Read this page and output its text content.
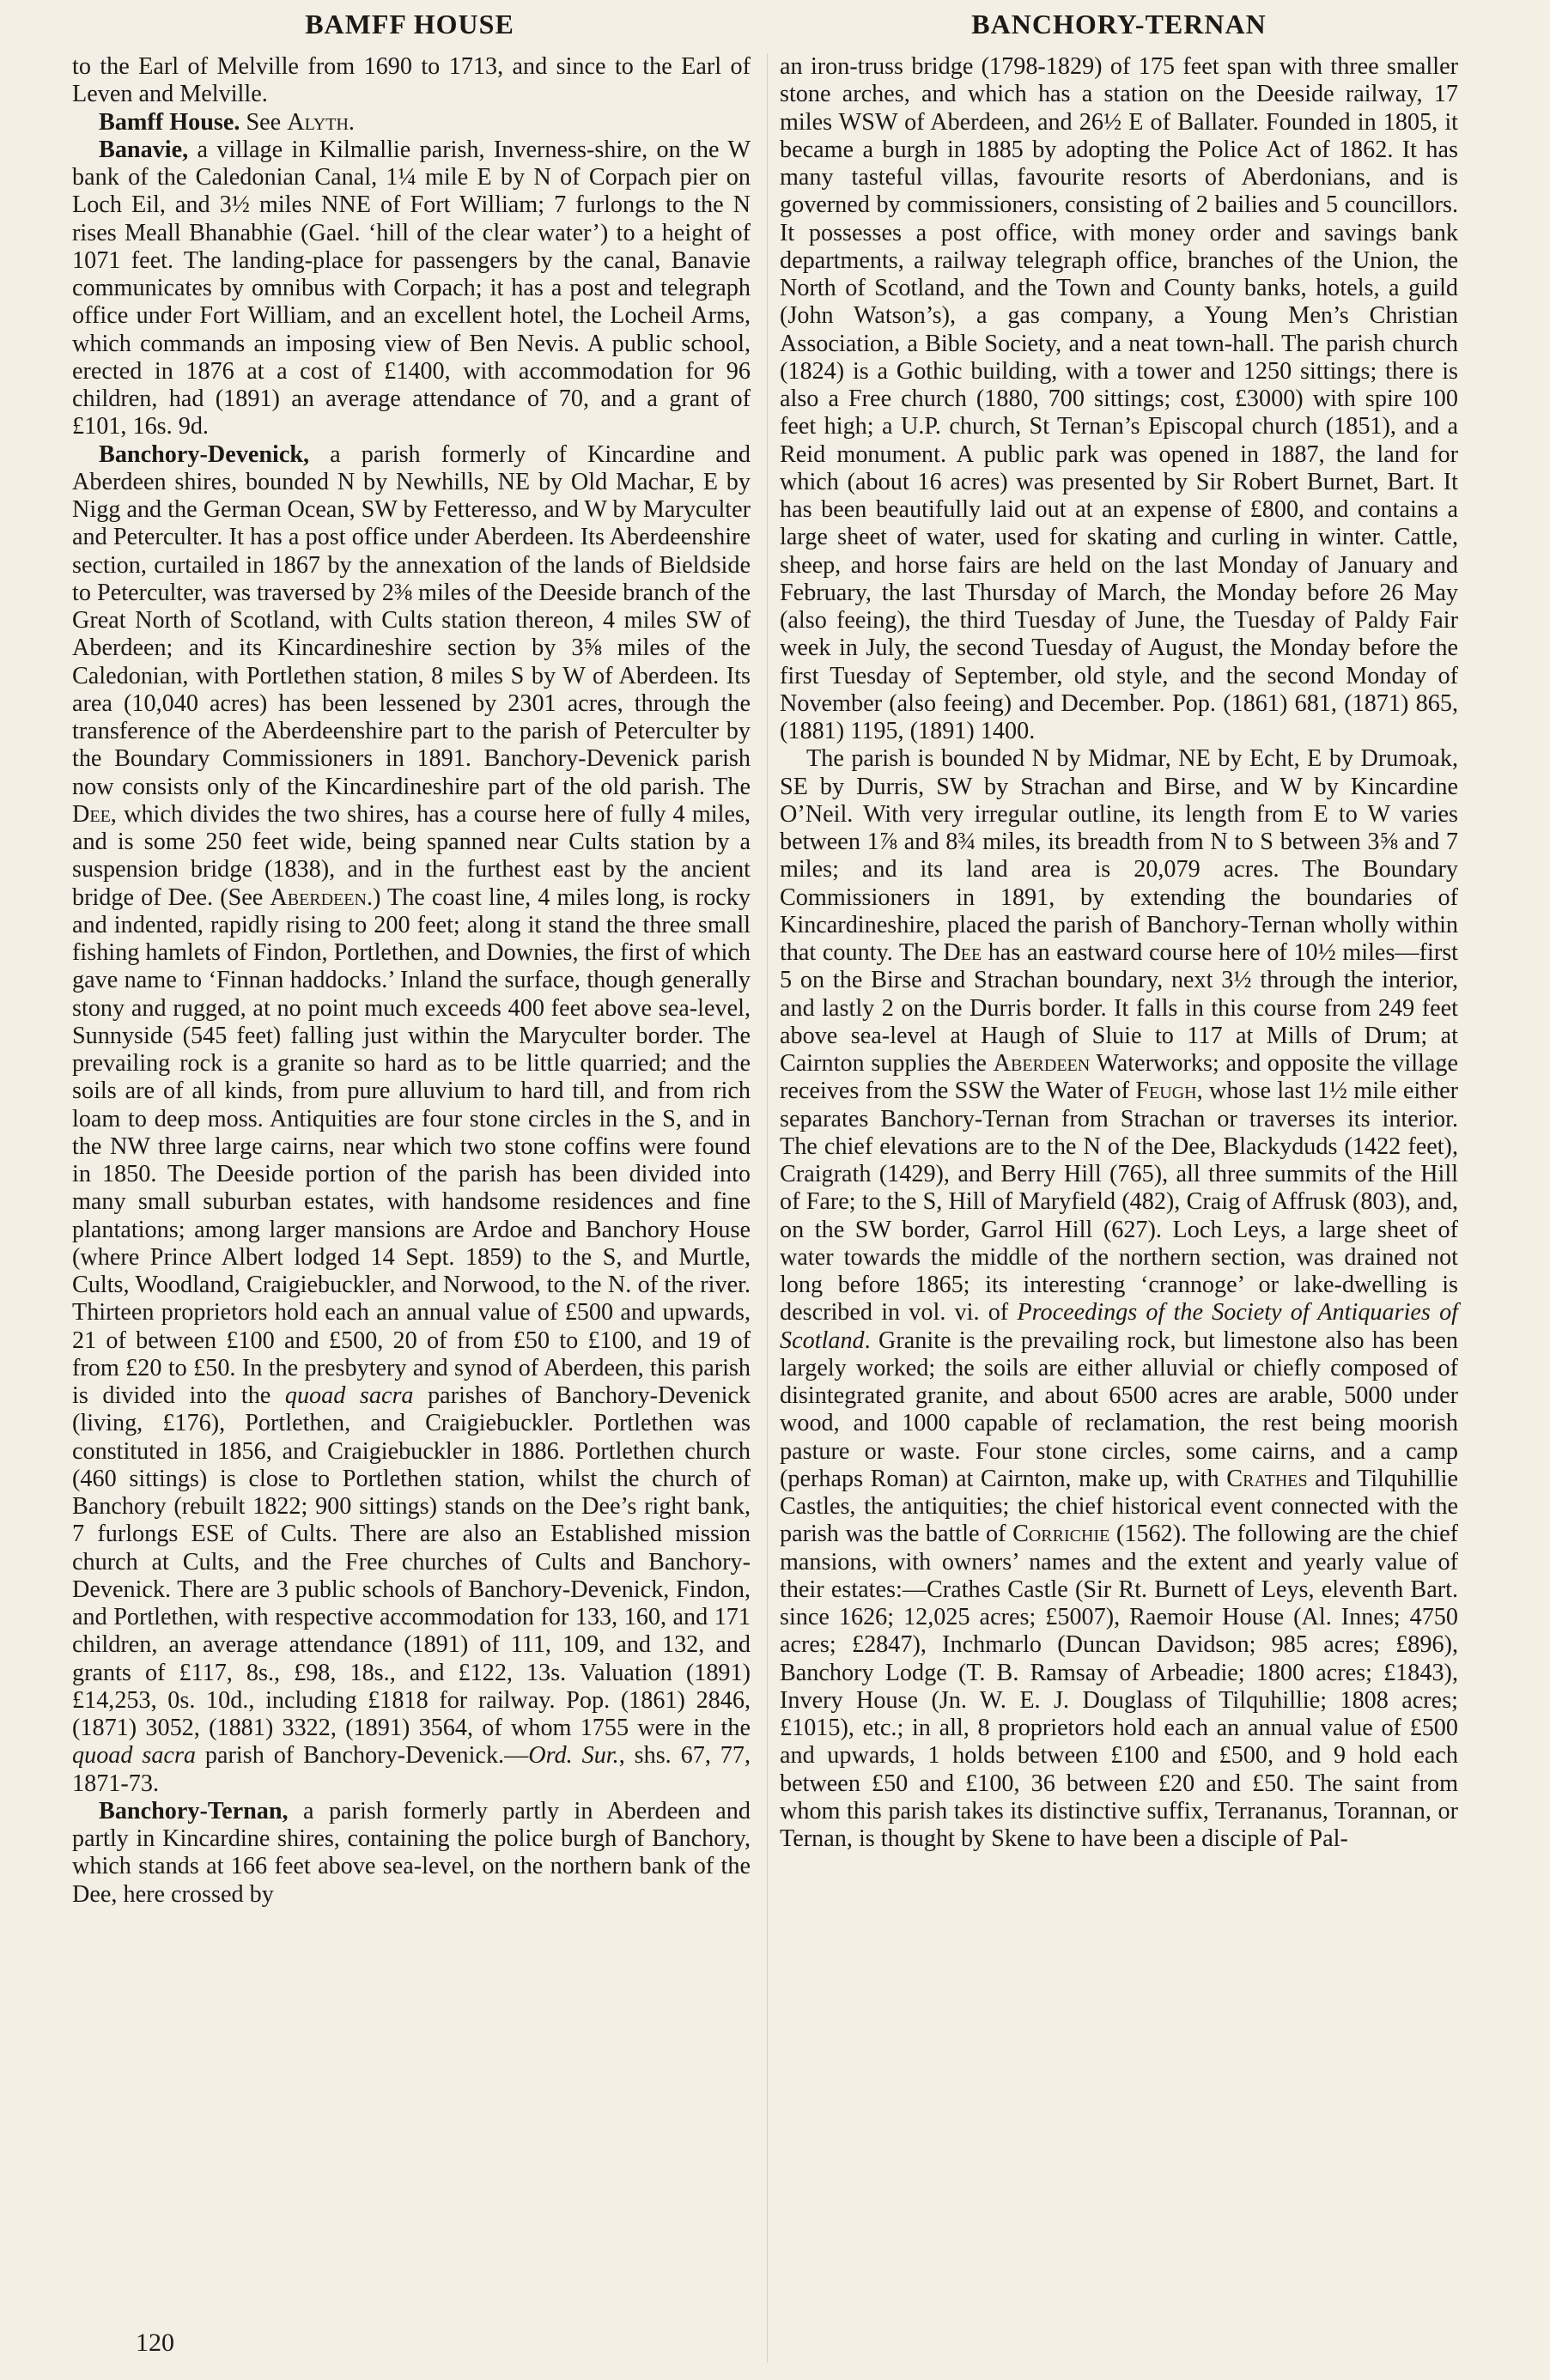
BAMFF HOUSE	BANCHORY-TERNAN

to the Earl of Melville from 1690 to 1713, and since to the Earl of Leven and Melville.

Bamff House. See Alyth.

Banavie, a village in Kilmallie parish, Inverness-shire, on the W bank of the Caledonian Canal, 1¼ mile E by N of Corpach pier on Loch Eil, and 3½ miles NNE of Fort William; 7 furlongs to the N rises Meall Bhanabhie (Gael. ‘hill of the clear water’) to a height of 1071 feet. The landing-place for passengers by the canal, Banavie communicates by omnibus with Corpach; it has a post and telegraph office under Fort William, and an excellent hotel, the Locheil Arms, which commands an imposing view of Ben Nevis. A public school, erected in 1876 at a cost of £1400, with accommodation for 96 children, had (1891) an average attendance of 70, and a grant of £101, 16s. 9d.

Banchory-Devenick, a parish formerly of Kincardine and Aberdeen shires, bounded N by Newhills, NE by Old Machar, E by Nigg and the German Ocean, SW by Fetteresso, and W by Maryculter and Peterculter. It has a post office under Aberdeen. Its Aberdeenshire section, curtailed in 1867 by the annexation of the lands of Bieldside to Peterculter, was traversed by 2⅜ miles of the Deeside branch of the Great North of Scotland, with Cults station thereon, 4 miles SW of Aberdeen; and its Kincardineshire section by 3⅝ miles of the Caledonian, with Portlethen station, 8 miles S by W of Aberdeen. Its area (10,040 acres) has been lessened by 2301 acres, through the transference of the Aberdeenshire part to the parish of Peterculter by the Boundary Commissioners in 1891. Banchory-Devenick parish now consists only of the Kincardineshire part of the old parish. The Dee, which divides the two shires, has a course here of fully 4 miles, and is some 250 feet wide, being spanned near Cults station by a suspension bridge (1838), and in the furthest east by the ancient bridge of Dee. (See Aberdeen.) The coast line, 4 miles long, is rocky and indented, rapidly rising to 200 feet; along it stand the three small fishing hamlets of Findon, Portlethen, and Downies, the first of which gave name to ‘Finnan haddocks.’ Inland the surface, though generally stony and rugged, at no point much exceeds 400 feet above sea-level, Sunnyside (545 feet) falling just within the Maryculter border. The prevailing rock is a granite so hard as to be little quarried; and the soils are of all kinds, from pure alluvium to hard till, and from rich loam to deep moss. Antiquities are four stone circles in the S, and in the NW three large cairns, near which two stone coffins were found in 1850. The Deeside portion of the parish has been divided into many small suburban estates, with handsome residences and fine plantations; among larger mansions are Ardoe and Banchory House (where Prince Albert lodged 14 Sept. 1859) to the S, and Murtle, Cults, Woodland, Craigiebuckler, and Norwood, to the N. of the river. Thirteen proprietors hold each an annual value of £500 and upwards, 21 of between £100 and £500, 20 of from £50 to £100, and 19 of from £20 to £50. In the presbytery and synod of Aberdeen, this parish is divided into the quoad sacra parishes of Banchory-Devenick (living, £176), Portlethen, and Craigiebuckler. Portlethen was constituted in 1856, and Craigiebuckler in 1886. Portlethen church (460 sittings) is close to Portlethen station, whilst the church of Banchory (rebuilt 1822; 900 sittings) stands on the Dee’s right bank, 7 furlongs ESE of Cults. There are also an Established mission church at Cults, and the Free churches of Cults and Banchory-Devenick. There are 3 public schools of Banchory-Devenick, Findon, and Portlethen, with respective accommodation for 133, 160, and 171 children, an average attendance (1891) of 111, 109, and 132, and grants of £117, 8s., £98, 18s., and £122, 13s. Valuation (1891) £14,253, 0s. 10d., including £1818 for railway. Pop. (1861) 2846, (1871) 3052, (1881) 3322, (1891) 3564, of whom 1755 were in the quoad sacra parish of Banchory-Devenick.—Ord. Sur., shs. 67, 77, 1871-73.

Banchory-Ternan, a parish formerly partly in Aberdeen and partly in Kincardine shires, containing the police burgh of Banchory, which stands at 166 feet above sea-level, on the northern bank of the Dee, here crossed by

an iron-truss bridge (1798-1829) of 175 feet span with three smaller stone arches, and which has a station on the Deeside railway, 17 miles WSW of Aberdeen, and 26½ E of Ballater. Founded in 1805, it became a burgh in 1885 by adopting the Police Act of 1862. It has many tasteful villas, favourite resorts of Aberdonians, and is governed by commissioners, consisting of 2 bailies and 5 councillors. It possesses a post office, with money order and savings bank departments, a railway telegraph office, branches of the Union, the North of Scotland, and the Town and County banks, hotels, a guild (John Watson’s), a gas company, a Young Men’s Christian Association, a Bible Society, and a neat town-hall. The parish church (1824) is a Gothic building, with a tower and 1250 sittings; there is also a Free church (1880, 700 sittings; cost, £3000) with spire 100 feet high; a U.P. church, St Ternan’s Episcopal church (1851), and a Reid monument. A public park was opened in 1887, the land for which (about 16 acres) was presented by Sir Robert Burnet, Bart. It has been beautifully laid out at an expense of £800, and contains a large sheet of water, used for skating and curling in winter. Cattle, sheep, and horse fairs are held on the last Monday of January and February, the last Thursday of March, the Monday before 26 May (also feeing), the third Tuesday of June, the Tuesday of Paldy Fair week in July, the second Tuesday of August, the Monday before the first Tuesday of September, old style, and the second Monday of November (also feeing) and December. Pop. (1861) 681, (1871) 865, (1881) 1195, (1891) 1400.

The parish is bounded N by Midmar, NE by Echt, E by Drumoak, SE by Durris, SW by Strachan and Birse, and W by Kincardine O’Neil. With very irregular outline, its length from E to W varies between 1⅞ and 8¾ miles, its breadth from N to S between 3⅝ and 7 miles; and its land area is 20,079 acres. The Boundary Commissioners in 1891, by extending the boundaries of Kincardineshire, placed the parish of Banchory-Ternan wholly within that county. The Dee has an eastward course here of 10½ miles—first 5 on the Birse and Strachan boundary, next 3½ through the interior, and lastly 2 on the Durris border. It falls in this course from 249 feet above sea-level at Haugh of Sluie to 117 at Mills of Drum; at Cairnton supplies the Aberdeen Waterworks; and opposite the village receives from the SSW the Water of Feugh, whose last 1½ mile either separates Banchory-Ternan from Strachan or traverses its interior. The chief elevations are to the N of the Dee, Blackyduds (1422 feet), Craigrath (1429), and Berry Hill (765), all three summits of the Hill of Fare; to the S, Hill of Maryfield (482), Craig of Affrusk (803), and, on the SW border, Garrol Hill (627). Loch Leys, a large sheet of water towards the middle of the northern section, was drained not long before 1865; its interesting ‘crannoge’ or lake-dwelling is described in vol. vi. of Proceedings of the Society of Antiquaries of Scotland. Granite is the prevailing rock, but limestone also has been largely worked; the soils are either alluvial or chiefly composed of disintegrated granite, and about 6500 acres are arable, 5000 under wood, and 1000 capable of reclamation, the rest being moorish pasture or waste. Four stone circles, some cairns, and a camp (perhaps Roman) at Cairnton, make up, with Crathes and Tilquhillie Castles, the antiquities; the chief historical event connected with the parish was the battle of Corrichie (1562). The following are the chief mansions, with owners’ names and the extent and yearly value of their estates:—Crathes Castle (Sir Rt. Burnett of Leys, eleventh Bart. since 1626; 12,025 acres; £5007), Raemoir House (Al. Innes; 4750 acres; £2847), Inchmarlo (Duncan Davidson; 985 acres; £896), Banchory Lodge (T. B. Ramsay of Arbeadie; 1800 acres; £1843), Invery House (Jn. W. E. J. Douglass of Tilquhillie; 1808 acres; £1015), etc.; in all, 8 proprietors hold each an annual value of £500 and upwards, 1 holds between £100 and £500, and 9 hold each between £50 and £100, 36 between £20 and £50. The saint from whom this parish takes its distinctive suffix, Terrananus, Torannan, or Ternan, is thought by Skene to have been a disciple of Pal-

120
